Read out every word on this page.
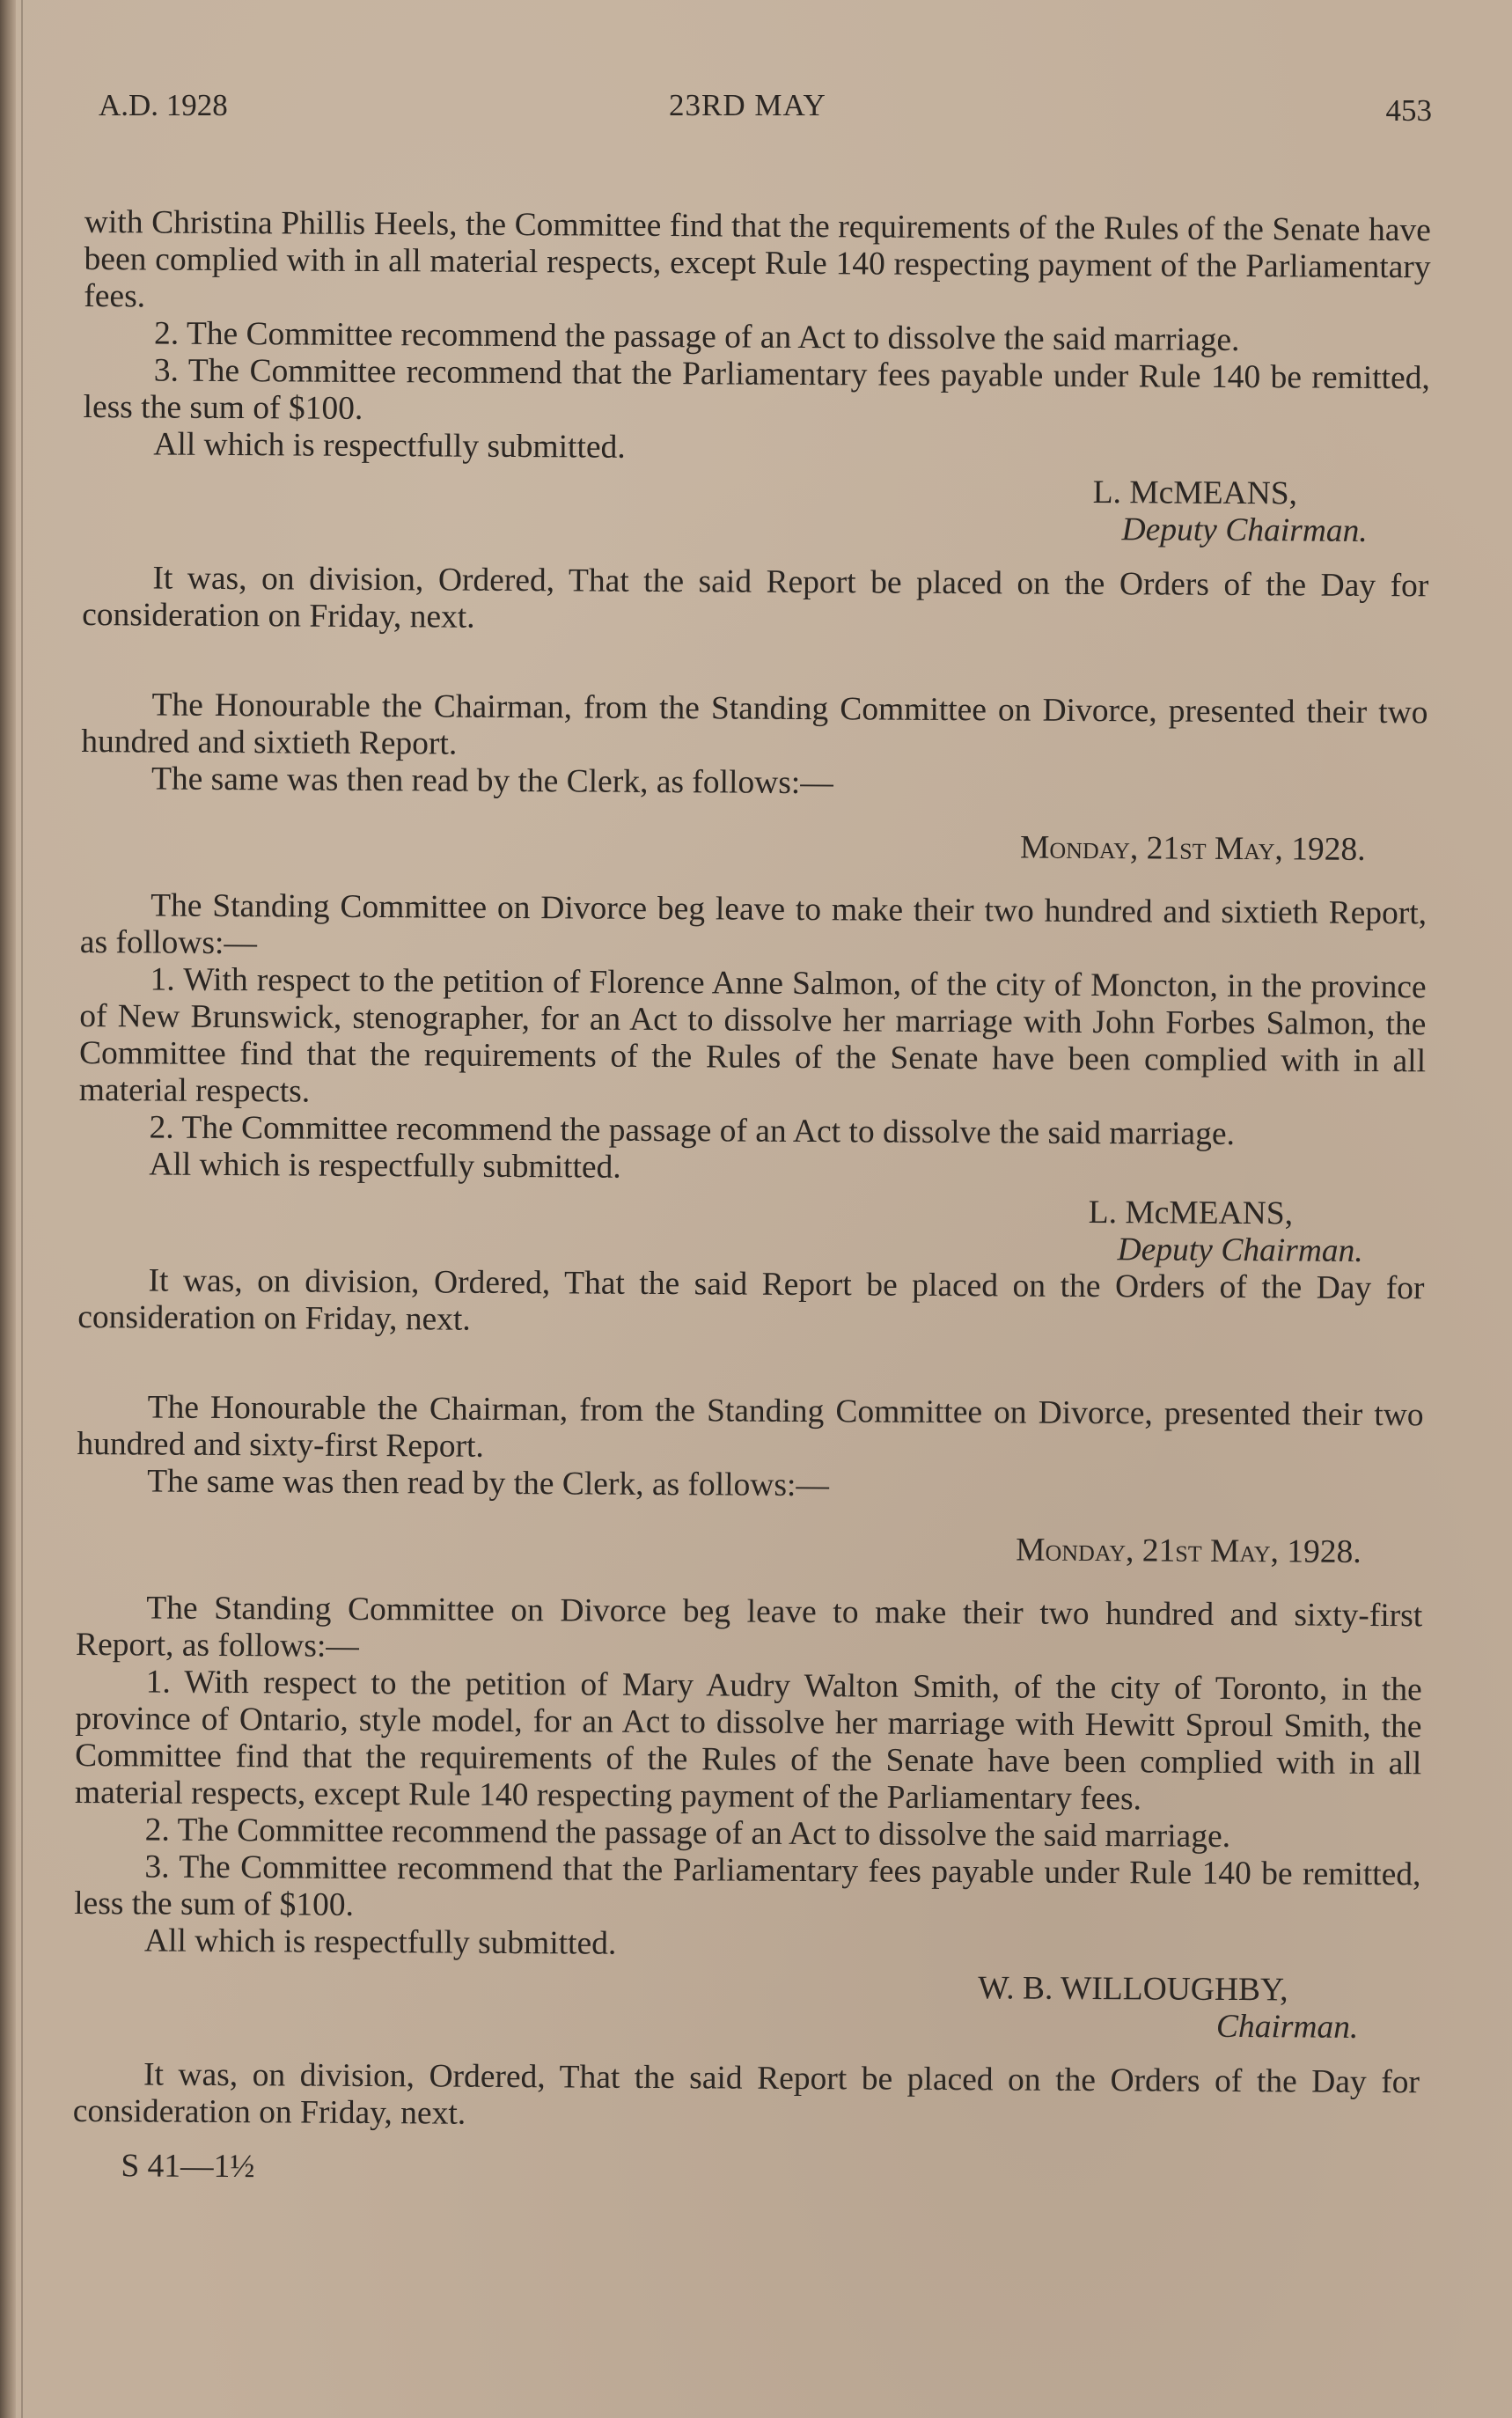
A.D. 1928	23RD MAY	453

with Christina Phillis Heels, the Committee find that the requirements of the Rules of the Senate have been complied with in all material respects, except Rule 140 respecting payment of the Parliamentary fees.

2. The Committee recommend the passage of an Act to dissolve the said marriage.

3. The Committee recommend that the Parliamentary fees payable under Rule 140 be remitted, less the sum of $100.

All which is respectfully submitted.

L. McMEANS,

Deputy Chairman.

It was, on division, Ordered, That the said Report be placed on the Orders of the Day for consideration on Friday, next.

The Honourable the Chairman, from the Standing Committee on Divorce, presented their two hundred and sixtieth Report.

The same was then read by the Clerk, as follows:—

Monday, 21st May, 1928.

The Standing Committee on Divorce beg leave to make their two hundred and sixtieth Report, as follows:—

1. With respect to the petition of Florence Anne Salmon, of the city of Moncton, in the province of New Brunswick, stenographer, for an Act to dissolve her marriage with John Forbes Salmon, the Committee find that the requirements of the Rules of the Senate have been complied with in all material respects.

2. The Committee recommend the passage of an Act to dissolve the said marriage.

All which is respectfully submitted.

L. McMEANS,

Deputy Chairman.

It was, on division, Ordered, That the said Report be placed on the Orders of the Day for consideration on Friday, next.

The Honourable the Chairman, from the Standing Committee on Divorce, presented their two hundred and sixty-first Report.

The same was then read by the Clerk, as follows:—

Monday, 21st May, 1928.

The Standing Committee on Divorce beg leave to make their two hundred and sixty-first Report, as follows:—

1. With respect to the petition of Mary Audry Walton Smith, of the city of Toronto, in the province of Ontario, style model, for an Act to dissolve her marriage with Hewitt Sproul Smith, the Committee find that the requirements of the Rules of the Senate have been complied with in all material respects, except Rule 140 respecting payment of the Parliamentary fees.

2. The Committee recommend the passage of an Act to dissolve the said marriage.

3. The Committee recommend that the Parliamentary fees payable under Rule 140 be remitted, less the sum of $100.

All which is respectfully submitted.

W. B. WILLOUGHBY,

Chairman.

It was, on division, Ordered, That the said Report be placed on the Orders of the Day for consideration on Friday, next.

S 41—1½
